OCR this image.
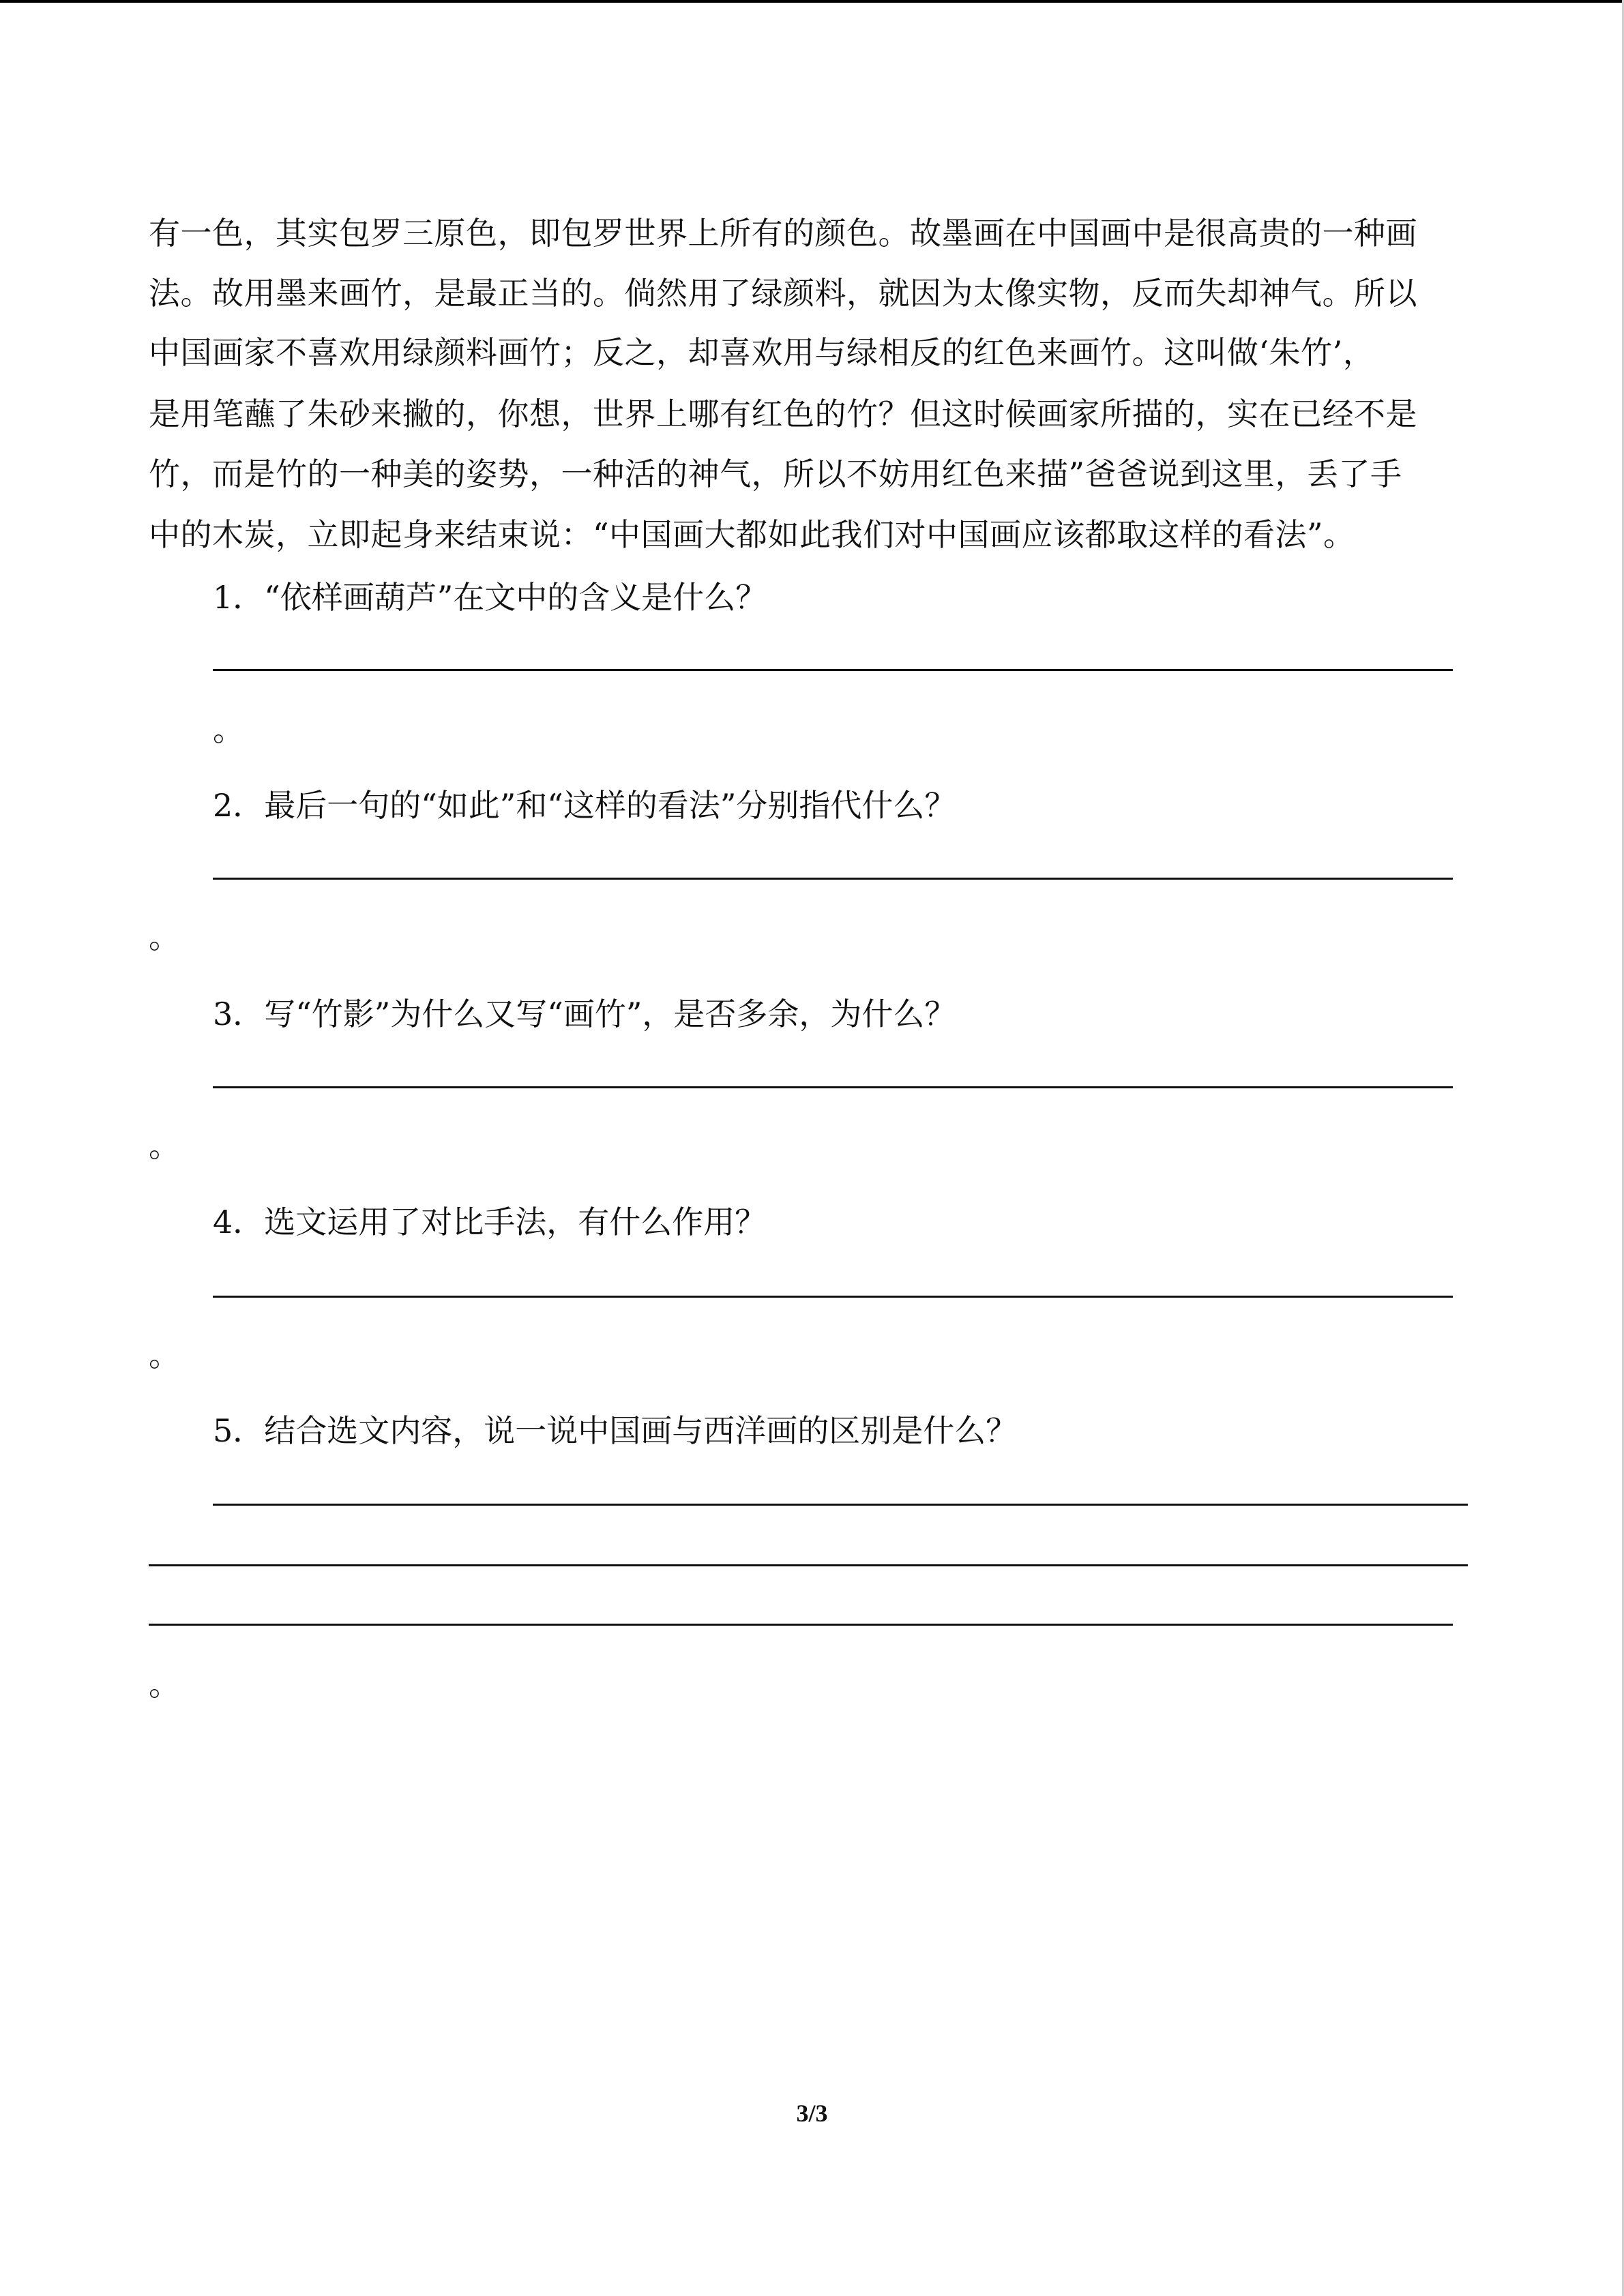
有一色，其实包罗三原色，即包罗世界上所有的颜色。故墨画在中国画中是很高贵的一种画
法。故用墨来画竹，是最正当的。倘然用了绿颜料，就因为太像实物，反而失却神气。所以
中国画家不喜欢用绿颜料画竹；反之，却喜欢用与绿相反的红色来画竹。这叫做‘朱竹’，
是用笔蘸了朱砂来撇的，你想，世界上哪有红色的竹？但这时候画家所描的，实在已经不是
竹，而是竹的一种美的姿势，一种活的神气，所以不妨用红色来描”爸爸说到这里，丢了手
中的木炭，立即起身来结束说：“中国画大都如此我们对中国画应该都取这样的看法”。
1．“依样画葫芦”在文中的含义是什么？
。
2．最后一句的“如此”和“这样的看法”分别指代什么？
。
3．写“竹影”为什么又写“画竹”，是否多余，为什么？
。
4．选文运用了对比手法，有什么作用？
。
5．结合选文内容，说一说中国画与西洋画的区别是什么？
。
3/3
